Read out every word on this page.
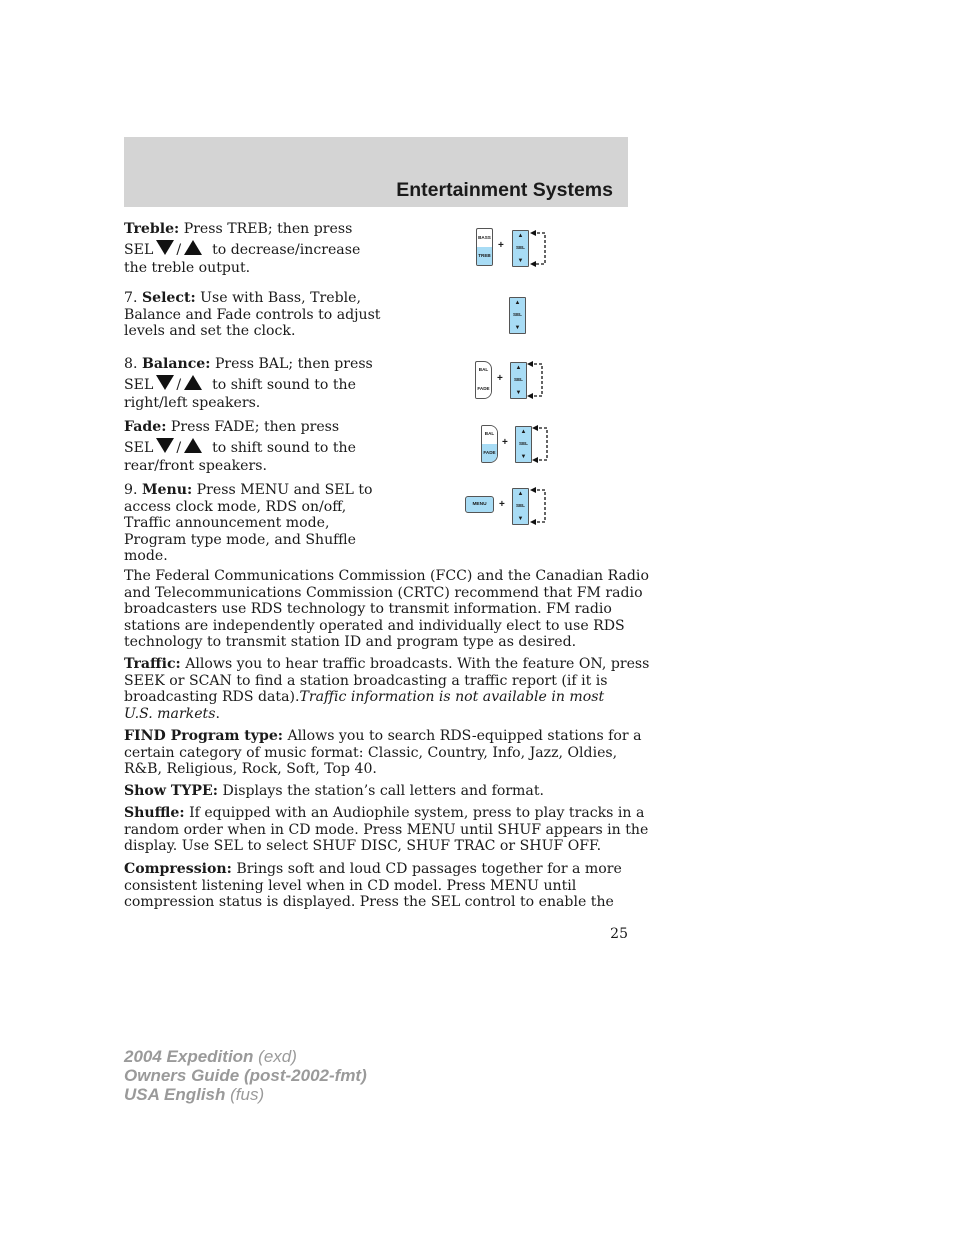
Entertainment Systems
Treble: Press TREB; then press
SEL / to decrease/increase
the treble output.
7. Select: Use with Bass, Treble,
Balance and Fade controls to adjust
levels and set the clock.
8. Balance: Press BAL; then press
SEL / to shift sound to the
right/left speakers.
Fade: Press FADE; then press
SEL / to shift sound to the
rear/front speakers.
9. Menu: Press MENU and SEL to
access clock mode, RDS on/off,
Traffic announcement mode,
Program type mode, and Shuffle
mode.
The Federal Communications Commission (FCC) and the Canadian Radio
and Telecommunications Commission (CRTC) recommend that FM radio
broadcasters use RDS technology to transmit information. FM radio
stations are independently operated and individually elect to use RDS
technology to transmit station ID and program type as desired.
Traffic: Allows you to hear traffic broadcasts. With the feature ON, press
SEEK or SCAN to find a station broadcasting a traffic report (if it is
broadcasting RDS data).Traffic information is not available in most
U.S. markets.
FIND Program type: Allows you to search RDS-equipped stations for a
certain category of music format: Classic, Country, Info, Jazz, Oldies,
R&B, Religious, Rock, Soft, Top 40.
Show TYPE: Displays the station’s call letters and format.
Shuffle: If equipped with an Audiophile system, press to play tracks in a
random order when in CD mode. Press MENU until SHUF appears in the
display. Use SEL to select SHUF DISC, SHUF TRAC or SHUF OFF.
Compression: Brings soft and loud CD passages together for a more
consistent listening level when in CD model. Press MENU until
compression status is displayed. Press the SEL control to enable the
BASS
TREB
+
▲
SEL
▼
▲
SEL
▼
BAL
FADE
+
▲
SEL
▼
BAL
FADE
+
▲
SEL
▼
MENU	+
▲
SEL
▼
25
2004 Expedition (exd)
Owners Guide (post-2002-fmt)
USA English (fus)
